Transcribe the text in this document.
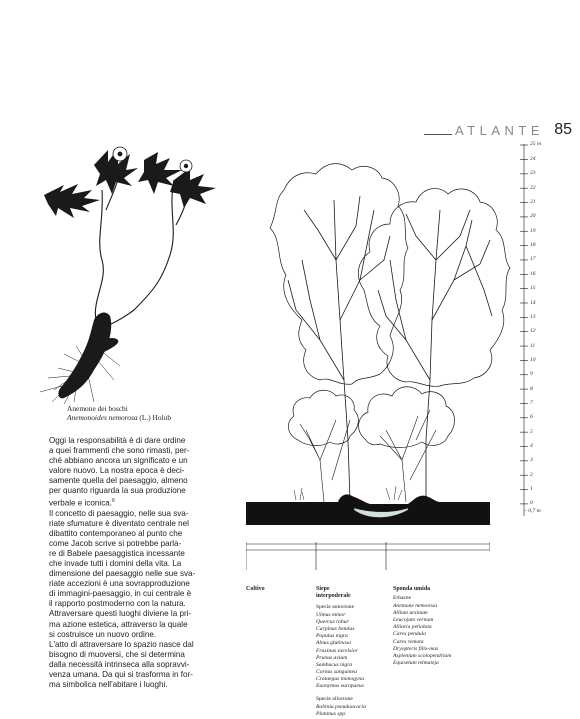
ATLANTE 85
Anemone dei boschi
Anemonoides nemorosa (L.) Holub

Oggi la responsabilità è di dare ordine

a quei frammenti che sono rimasti, per-

ché abbiano ancora un significato e un

valore nuovo. La nostra epoca è deci-

samente quella del paesaggio, almeno

per quanto riguarda la sua produzione

verbale e iconica.$^6$

Il concetto di paesaggio, nelle sua sva-

riate sfumature è diventato centrale nel

dibattito contemporaneo al punto che

come Jacob scrive si potrebbe parla-

re di Babele paesaggistica incessante

che invade tutti i domini della vita. La

dimensione del paesaggio nelle sue sva-

riate accezioni è una sovrapproduzione

di immagini-paesaggio, in cui centrale è

il rapporto postmoderno con la natura.

Attraversare questi luoghi diviene la pri-

ma azione estetica, attraverso la quale

si costruisce un nuovo ordine.

L'atto di attraversare lo spazio nasce dal

bisogno di muoversi, che si determina

dalla necessità intrinseca alla sopravvi-

venza umana. Da qui si trasforma in for-

ma simbolica nell'abitare i luoghi.

25 m
24
23
22
21
20
19
18
17
16
15
14
13
12
11
10
9
8
7
6
5
4
3
2
1
0
– 0,7 m
Coltivo	Siepe
interpoderale
Specie autoctone
Ulmus minor
Quercus robur
Carpinus betulus
Populus nigra
Alnus glutinosa
Fraxinus excelsior
Prunus avium
Sambucus nigra
Cornus sanguinea
Crataegus monogyna
Euonymus europaeus
Specie alloctone
Robinia pseudoacacia
Platanus spp.
Sponda umida
Erbacee
Anemone nemorosa
Allium ursinum
Leucojum vernum
Alliaria petiolata
Carex pendula
Carex remota
Dryopteris filix-mas
Asplenium scolopendrium
Equisetum telmateja
